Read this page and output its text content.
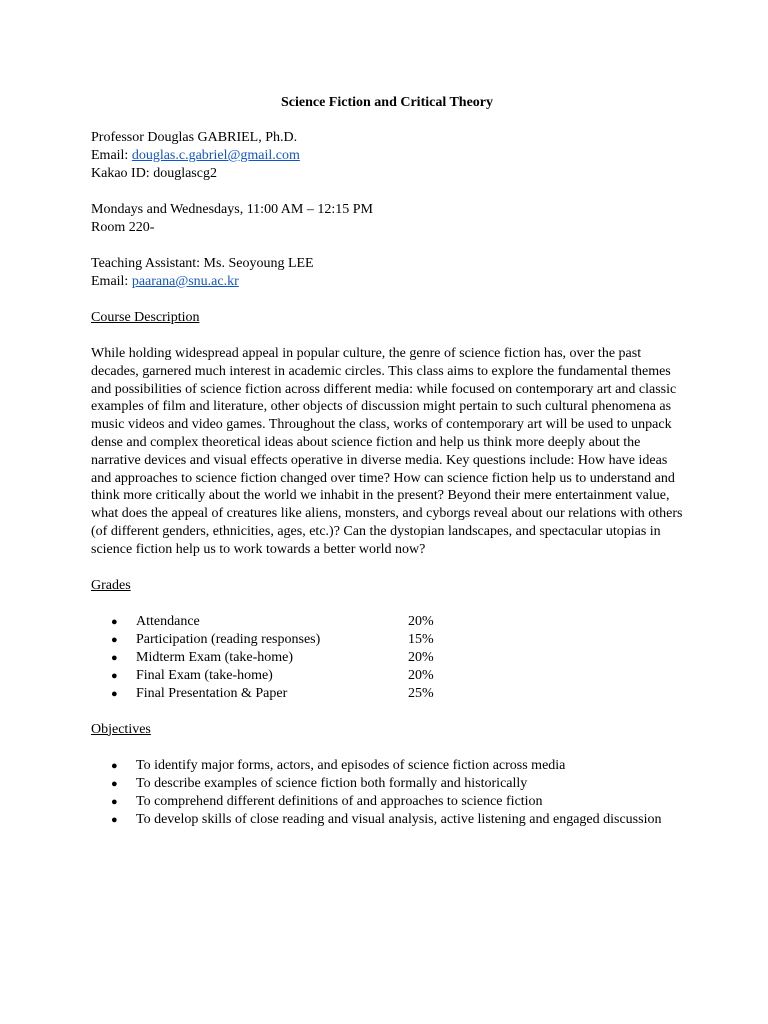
Science Fiction and Critical Theory
Professor Douglas GABRIEL, Ph.D.
Email: douglas.c.gabriel@gmail.com
Kakao ID: douglascg2
Mondays and Wednesdays, 11:00 AM – 12:15 PM
Room 220-
Teaching Assistant: Ms. Seoyoung LEE
Email: paarana@snu.ac.kr
Course Description
While holding widespread appeal in popular culture, the genre of science fiction has, over the past decades, garnered much interest in academic circles. This class aims to explore the fundamental themes and possibilities of science fiction across different media: while focused on contemporary art and classic examples of film and literature, other objects of discussion might pertain to such cultural phenomena as music videos and video games. Throughout the class, works of contemporary art will be used to unpack dense and complex theoretical ideas about science fiction and help us think more deeply about the narrative devices and visual effects operative in diverse media. Key questions include: How have ideas and approaches to science fiction changed over time? How can science fiction help us to understand and think more critically about the world we inhabit in the present? Beyond their mere entertainment value, what does the appeal of creatures like aliens, monsters, and cyborgs reveal about our relations with others (of different genders, ethnicities, ages, etc.)? Can the dystopian landscapes, and spectacular utopias in science fiction help us to work towards a better world now?
Grades
● Attendance	20%
● Participation (reading responses)	15%
● Midterm Exam (take-home)	20%
● Final Exam (take-home)	20%
● Final Presentation & Paper	25%
Objectives
● To identify major forms, actors, and episodes of science fiction across media
● To describe examples of science fiction both formally and historically
● To comprehend different definitions of and approaches to science fiction
● To develop skills of close reading and visual analysis, active listening and engaged discussion
